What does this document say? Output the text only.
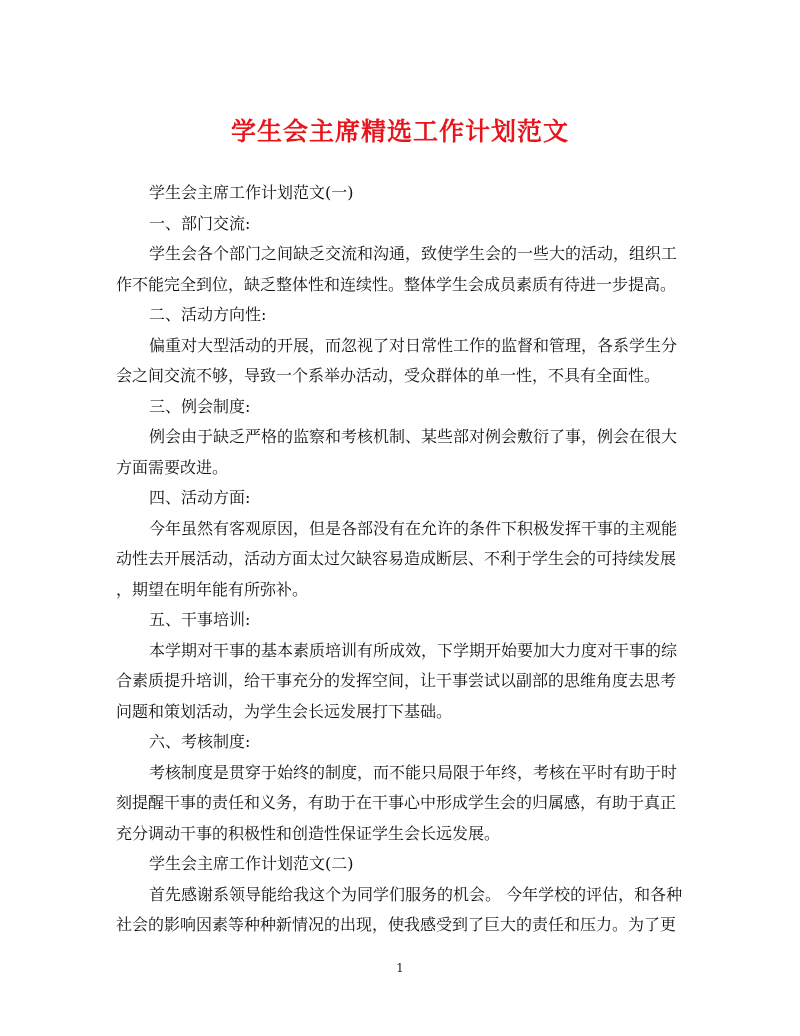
学生会主席精选工作计划范文

学生会主席工作计划范文(一)

一、部门交流:

学生会各个部门之间缺乏交流和沟通，致使学生会的一些大的活动，组织工

作不能完全到位，缺乏整体性和连续性。整体学生会成员素质有待进一步提高。

二、活动方向性:

偏重对大型活动的开展，而忽视了对日常性工作的监督和管理，各系学生分

会之间交流不够，导致一个系举办活动，受众群体的单一性，不具有全面性。

三、例会制度:

例会由于缺乏严格的监察和考核机制、某些部对例会敷衍了事，例会在很大

方面需要改进。

四、活动方面:

今年虽然有客观原因，但是各部没有在允许的条件下积极发挥干事的主观能

动性去开展活动，活动方面太过欠缺容易造成断层、不利于学生会的可持续发展

，期望在明年能有所弥补。

五、干事培训:

本学期对干事的基本素质培训有所成效，下学期开始要加大力度对干事的综

合素质提升培训，给干事充分的发挥空间，让干事尝试以副部的思维角度去思考

问题和策划活动，为学生会长远发展打下基础。

六、考核制度:

考核制度是贯穿于始终的制度，而不能只局限于年终，考核在平时有助于时

刻提醒干事的责任和义务，有助于在干事心中形成学生会的归属感，有助于真正

充分调动干事的积极性和创造性保证学生会长远发展。

学生会主席工作计划范文(二)

首先感谢系领导能给我这个为同学们服务的机会。 今年学校的评估，和各种

社会的影响因素等种种新情况的出现，使我感受到了巨大的责任和压力。为了更

1
